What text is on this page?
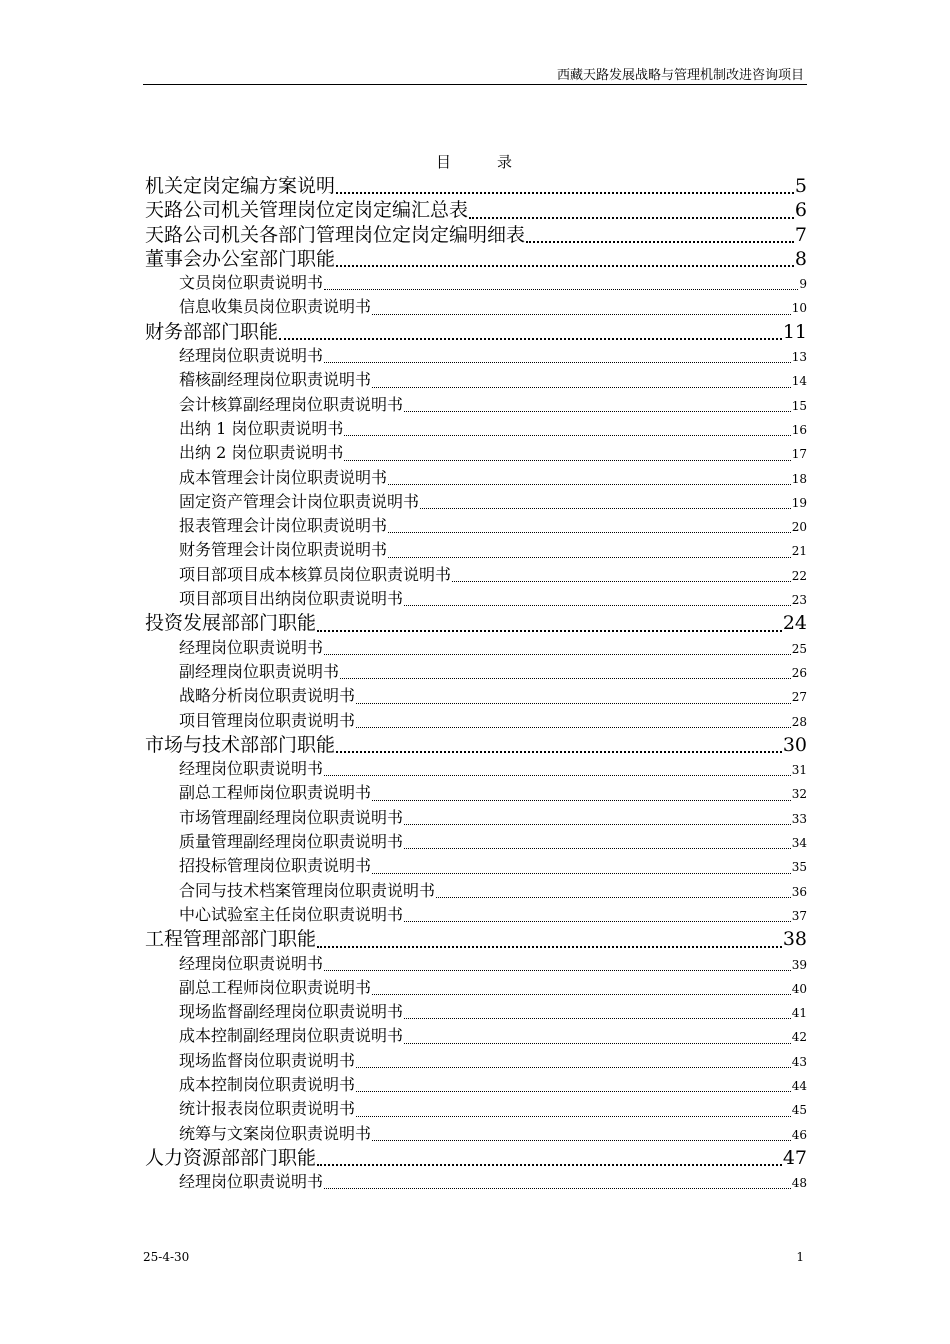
西藏天路发展战略与管理机制改进咨询项目
目	录
机关定岗定编方案说明	5
天路公司机关管理岗位定岗定编汇总表	6
天路公司机关各部门管理岗位定岗定编明细表	7
董事会办公室部门职能	8
文员岗位职责说明书	9
信息收集员岗位职责说明书	10
财务部部门职能	11
经理岗位职责说明书	13
稽核副经理岗位职责说明书	14
会计核算副经理岗位职责说明书	15
出纳 1 岗位职责说明书	16
出纳 2 岗位职责说明书	17
成本管理会计岗位职责说明书	18
固定资产管理会计岗位职责说明书	19
报表管理会计岗位职责说明书	20
财务管理会计岗位职责说明书	21
项目部项目成本核算员岗位职责说明书	22
项目部项目出纳岗位职责说明书	23
投资发展部部门职能	24
经理岗位职责说明书	25
副经理岗位职责说明书	26
战略分析岗位职责说明书	27
项目管理岗位职责说明书	28
市场与技术部部门职能	30
经理岗位职责说明书	31
副总工程师岗位职责说明书	32
市场管理副经理岗位职责说明书	33
质量管理副经理岗位职责说明书	34
招投标管理岗位职责说明书	35
合同与技术档案管理岗位职责说明书	36
中心试验室主任岗位职责说明书	37
工程管理部部门职能	38
经理岗位职责说明书	39
副总工程师岗位职责说明书	40
现场监督副经理岗位职责说明书	41
成本控制副经理岗位职责说明书	42
现场监督岗位职责说明书	43
成本控制岗位职责说明书	44
统计报表岗位职责说明书	45
统筹与文案岗位职责说明书	46
人力资源部部门职能	47
经理岗位职责说明书	48
25-4-30	1
